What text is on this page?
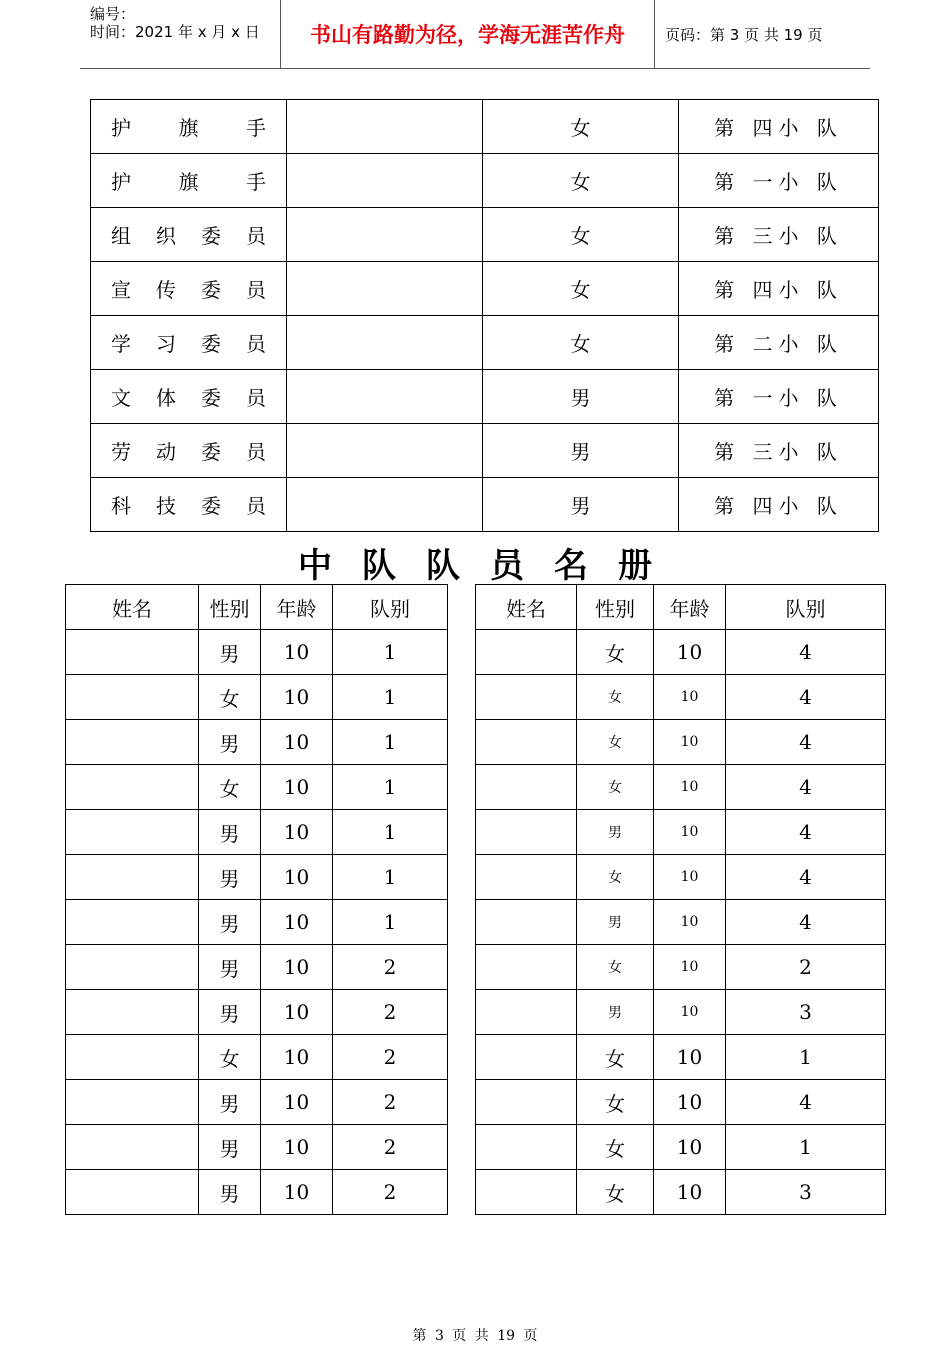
编号：
时间：2021 年 x 月 x 日 书山有路勤为径，学海无涯苦作舟	页码：第 3 页 共 19 页
护 旗 手		女	第 四小 队

护 旗 手		女	第 一小 队

组 织 委 员		女	第 三小 队

宣 传 委 员		女	第 四小 队

学 习 委 员		女	第 二小 队

文 体 委 员		男	第 一小 队

劳 动 委 员		男	第 三小 队

科 技 委 员		男	第 四小 队
中队队员名册
姓名	性别	年龄	队别		姓名	性别	年龄	队别
	男	10	1			女	10	4
	女	10	1			女	10	4
	男	10	1			女	10	4
	女	10	1			女	10	4
	男	10	1			男	10	4
	男	10	1			女	10	4
	男	10	1			男	10	4
	男	10	2			女	10	2
	男	10	2			男	10	3
	女	10	2			女	10	1
	男	10	2			女	10	4
	男	10	2			女	10	1
	男	10	2			女	10	3
第 3 页 共 19 页
